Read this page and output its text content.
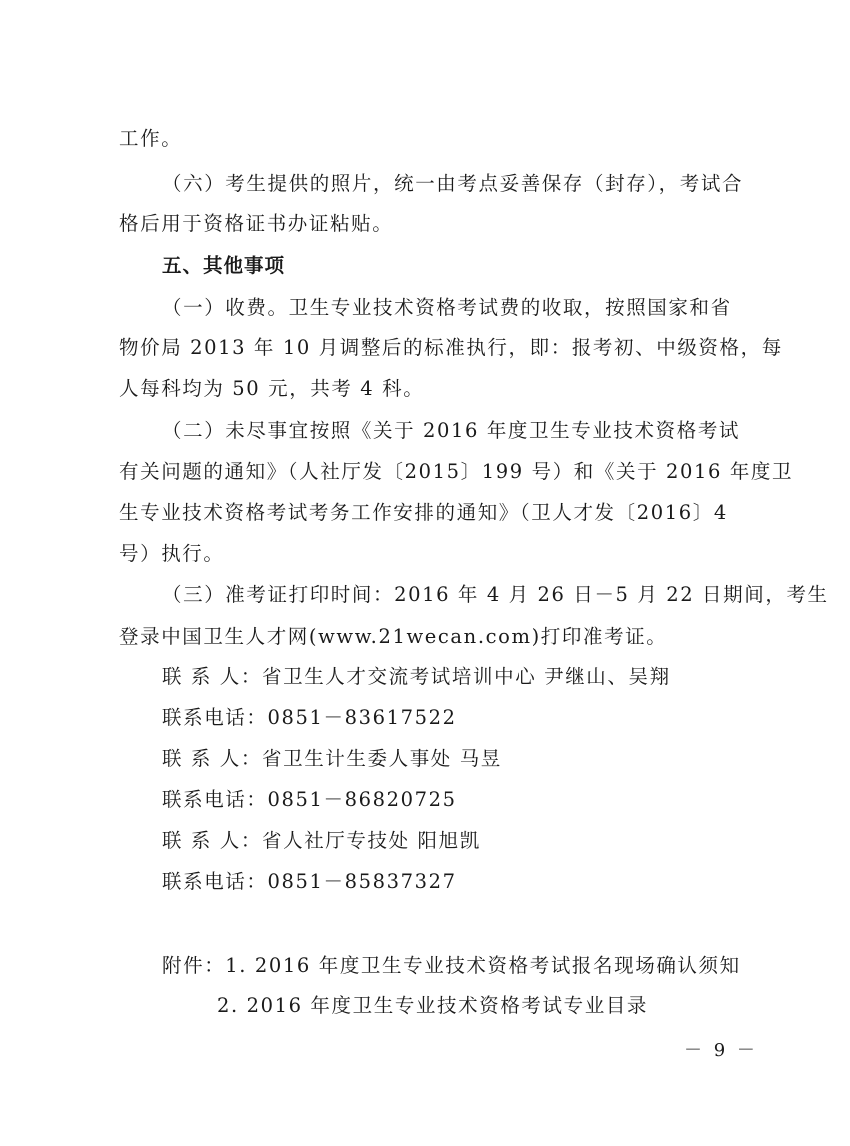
工作。
（六）考生提供的照片，统一由考点妥善保存（封存），考试合
格后用于资格证书办证粘贴。
五、其他事项
（一）收费。卫生专业技术资格考试费的收取，按照国家和省
物价局 2013 年 10 月调整后的标准执行，即：报考初、中级资格，每
人每科均为 50 元，共考 4 科。
（二）未尽事宜按照《关于 2016 年度卫生专业技术资格考试
有关问题的通知》（人社厅发〔2015〕199 号）和《关于 2016 年度卫
生专业技术资格考试考务工作安排的通知》（卫人才发〔2016〕4
号）执行。
（三）准考证打印时间：2016 年 4 月 26 日－5 月 22 日期间，考生
登录中国卫生人才网(www.21wecan.com)打印准考证。
联 系 人：省卫生人才交流考试培训中心 尹继山、吴翔
联系电话：0851－83617522
联 系 人：省卫生计生委人事处 马昱
联系电话：0851－86820725
联 系 人：省人社厅专技处 阳旭凯
联系电话：0851－85837327
附件：1. 2016 年度卫生专业技术资格考试报名现场确认须知
2. 2016 年度卫生专业技术资格考试专业目录
－ 9 －
